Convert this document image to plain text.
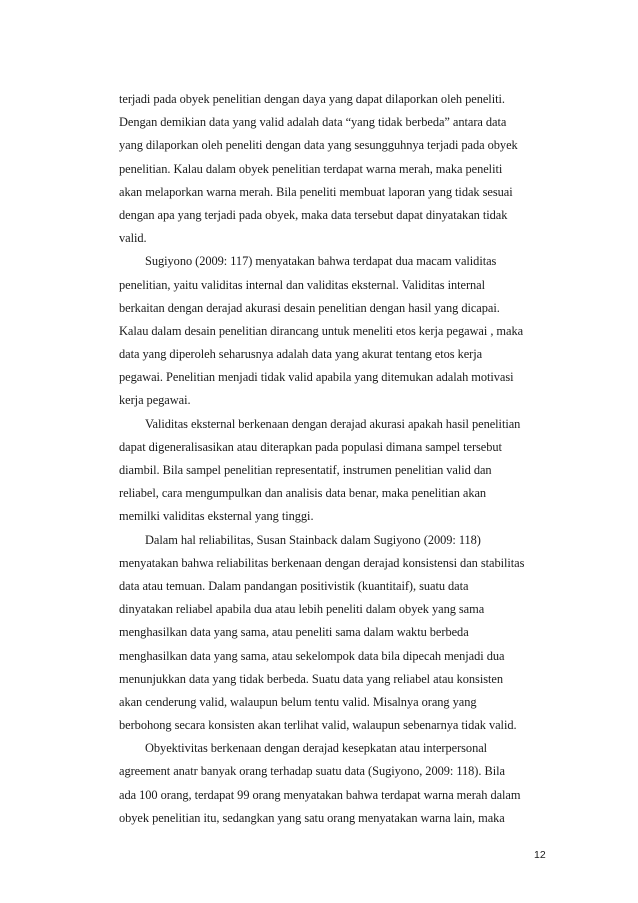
terjadi pada obyek penelitian dengan daya yang dapat dilaporkan oleh peneliti.
Dengan demikian data yang valid adalah data “yang tidak berbeda” antara data
yang dilaporkan oleh peneliti dengan data yang sesungguhnya terjadi pada obyek
penelitian. Kalau dalam obyek penelitian terdapat warna merah, maka peneliti
akan melaporkan warna merah. Bila peneliti membuat laporan yang tidak sesuai
dengan apa yang terjadi pada obyek, maka data tersebut dapat dinyatakan tidak
valid.
Sugiyono (2009: 117) menyatakan bahwa terdapat dua macam validitas
penelitian, yaitu validitas internal dan validitas eksternal. Validitas internal
berkaitan dengan derajad akurasi desain penelitian dengan hasil yang dicapai.
Kalau dalam desain penelitian dirancang untuk meneliti etos kerja pegawai , maka
data yang diperoleh seharusnya adalah data yang akurat tentang etos kerja
pegawai. Penelitian menjadi tidak valid apabila yang ditemukan adalah motivasi
kerja pegawai.
Validitas eksternal berkenaan dengan derajad akurasi apakah hasil penelitian
dapat digeneralisasikan atau diterapkan pada populasi dimana sampel tersebut
diambil. Bila sampel penelitian representatif, instrumen penelitian valid dan
reliabel, cara mengumpulkan dan analisis data benar, maka penelitian akan
memilki validitas eksternal yang tinggi.
Dalam hal reliabilitas, Susan Stainback dalam Sugiyono (2009: 118)
menyatakan bahwa reliabilitas berkenaan dengan derajad konsistensi dan stabilitas
data atau temuan. Dalam pandangan positivistik (kuantitaif), suatu data
dinyatakan reliabel apabila dua atau lebih peneliti dalam obyek yang sama
menghasilkan data yang sama, atau peneliti sama dalam waktu berbeda
menghasilkan data yang sama, atau sekelompok data bila dipecah menjadi dua
menunjukkan data yang tidak berbeda. Suatu data yang reliabel atau konsisten
akan cenderung valid, walaupun belum tentu valid. Misalnya orang yang
berbohong secara konsisten akan terlihat valid, walaupun sebenarnya tidak valid.
Obyektivitas berkenaan dengan derajad kesepkatan atau interpersonal
agreement anatr banyak orang terhadap suatu data (Sugiyono, 2009: 118). Bila
ada 100 orang, terdapat 99 orang menyatakan bahwa terdapat warna merah dalam
obyek penelitian itu, sedangkan yang satu orang menyatakan warna lain, maka
12
